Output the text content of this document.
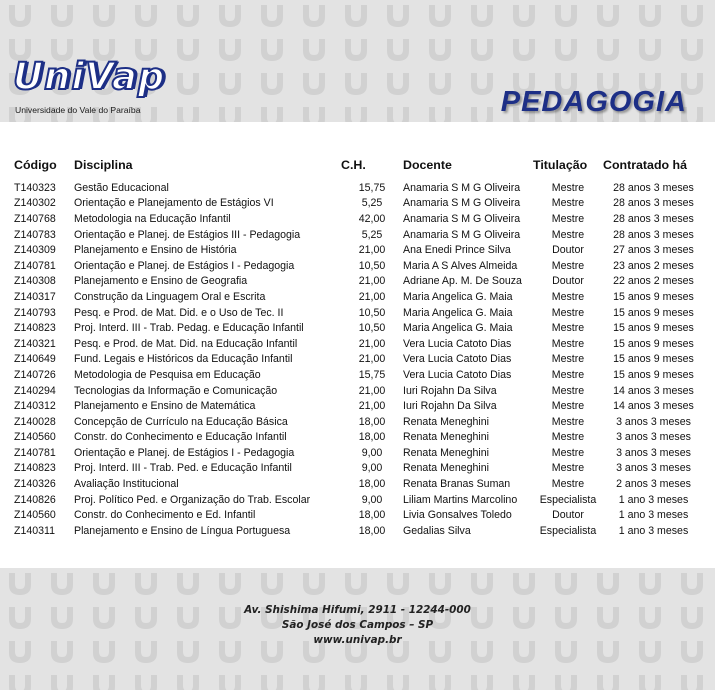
UniVap
Universidade do Vale do Paraíba	PEDAGOGIA
Código	Disciplina	C.H.	Docente	Titulação	Contratado há
T140323	Gestão Educacional	15,75	Anamaria S M G Oliveira	Mestre	28 anos 3 meses
Z140302	Orientação e Planejamento de Estágios VI	5,25	Anamaria S M G Oliveira	Mestre	28 anos 3 meses
Z140768	Metodologia na Educação Infantil	42,00	Anamaria S M G Oliveira	Mestre	28 anos 3 meses
Z140783	Orientação e Planej. de Estágios III - Pedagogia	5,25	Anamaria S M G Oliveira	Mestre	28 anos 3 meses
Z140309	Planejamento e Ensino de História	21,00	Ana Enedi Prince Silva	Doutor	27 anos 3 meses
Z140781	Orientação e Planej. de Estágios I - Pedagogia	10,50	Maria A S Alves Almeida	Mestre	23 anos 2 meses
Z140308	Planejamento e Ensino de Geografia	21,00	Adriane Ap. M. De Souza	Doutor	22 anos 2 meses
Z140317	Construção da Linguagem Oral e Escrita	21,00	Maria Angelica G. Maia	Mestre	15 anos 9 meses
Z140793	Pesq. e Prod. de Mat. Did. e o Uso de Tec. II	10,50	Maria Angelica G. Maia	Mestre	15 anos 9 meses
Z140823	Proj. Interd. III - Trab. Pedag. e Educação Infantil	10,50	Maria Angelica G. Maia	Mestre	15 anos 9 meses
Z140321	Pesq. e Prod. de Mat. Did. na Educação Infantil	21,00	Vera Lucia Catoto Dias	Mestre	15 anos 9 meses
Z140649	Fund. Legais e Históricos da Educação Infantil	21,00	Vera Lucia Catoto Dias	Mestre	15 anos 9 meses
Z140726	Metodologia de Pesquisa em Educação	15,75	Vera Lucia Catoto Dias	Mestre	15 anos 9 meses
Z140294	Tecnologias da Informação e Comunicação	21,00	Iuri Rojahn Da Silva	Mestre	14 anos 3 meses
Z140312	Planejamento e Ensino de Matemática	21,00	Iuri Rojahn Da Silva	Mestre	14 anos 3 meses
Z140028	Concepção de Currículo na Educação Básica	18,00	Renata Meneghini	Mestre	3 anos 3 meses
Z140560	Constr. do Conhecimento e Educação Infantil	18,00	Renata Meneghini	Mestre	3 anos 3 meses
Z140781	Orientação e Planej. de Estágios I - Pedagogia	9,00	Renata Meneghini	Mestre	3 anos 3 meses
Z140823	Proj. Interd. III - Trab. Ped. e Educação Infantil	9,00	Renata Meneghini	Mestre	3 anos 3 meses
Z140326	Avaliação Institucional	18,00	Renata Branas Suman	Mestre	2 anos 3 meses
Z140826	Proj. Político Ped. e Organização do Trab. Escolar	9,00	Liliam Martins Marcolino	Especialista	1 ano 3 meses
Z140560	Constr. do Conhecimento e Ed. Infantil	18,00	Livia Gonsalves Toledo	Doutor	1 ano 3 meses
Z140311	Planejamento e Ensino de Língua Portuguesa	18,00	Gedalias Silva	Especialista	1 ano 3 meses
Av. Shishima Hifumi, 2911 - 12244-000
São José dos Campos – SP
www.univap.br
